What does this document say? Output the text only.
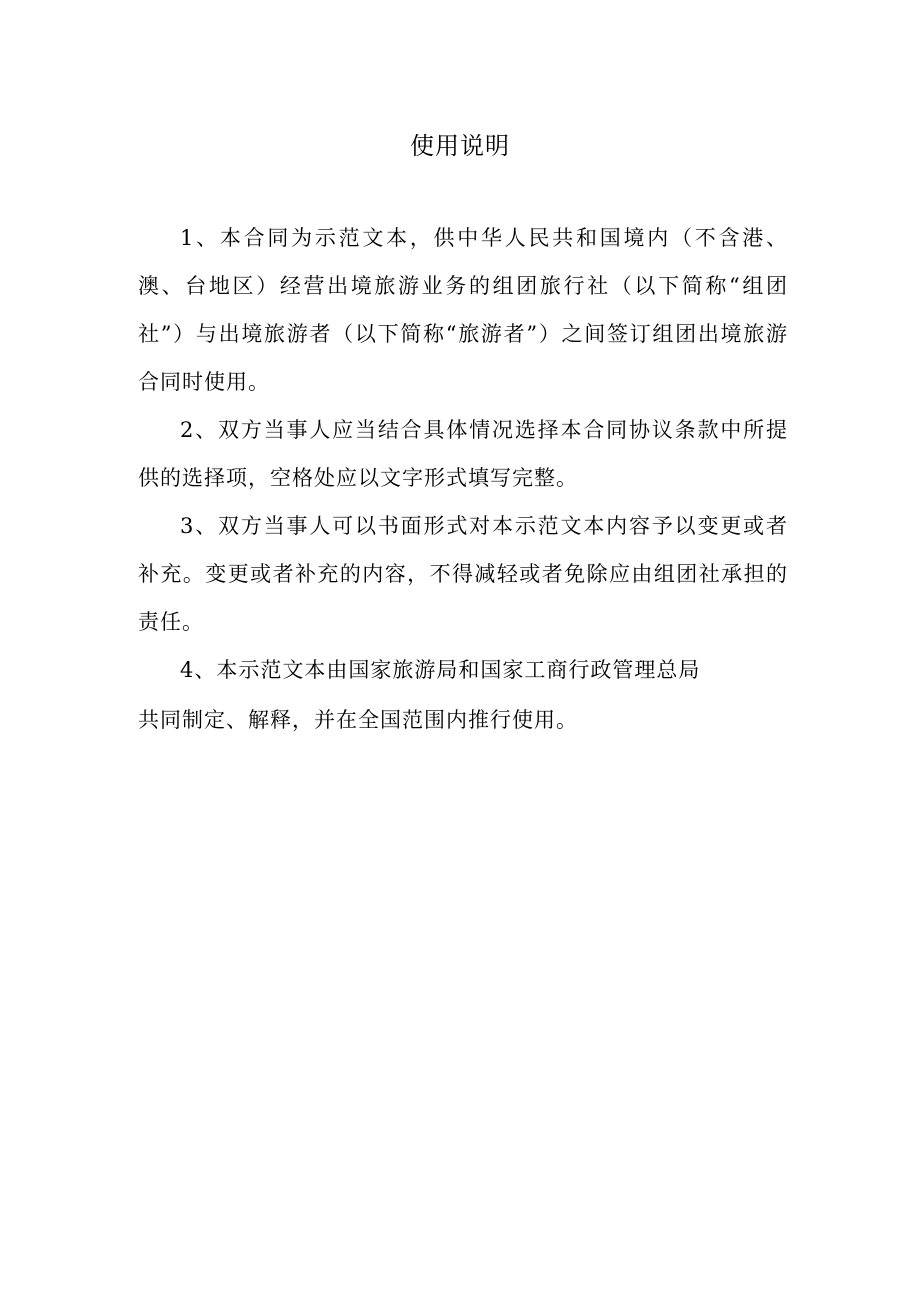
使用说明

1、本合同为示范文本，供中华人民共和国境内（不含港、澳、台地区）经营出境旅游业务的组团旅行社（以下简称“组团社”）与出境旅游者（以下简称“旅游者”）之间签订组团出境旅游合同时使用。

2、双方当事人应当结合具体情况选择本合同协议条款中所提供的选择项，空格处应以文字形式填写完整。

3、双方当事人可以书面形式对本示范文本内容予以变更或者补充。变更或者补充的内容，不得减轻或者免除应由组团社承担的责任。

4、本示范文本由国家旅游局和国家工商行政管理总局

共同制定、解释，并在全国范围内推行使用。
